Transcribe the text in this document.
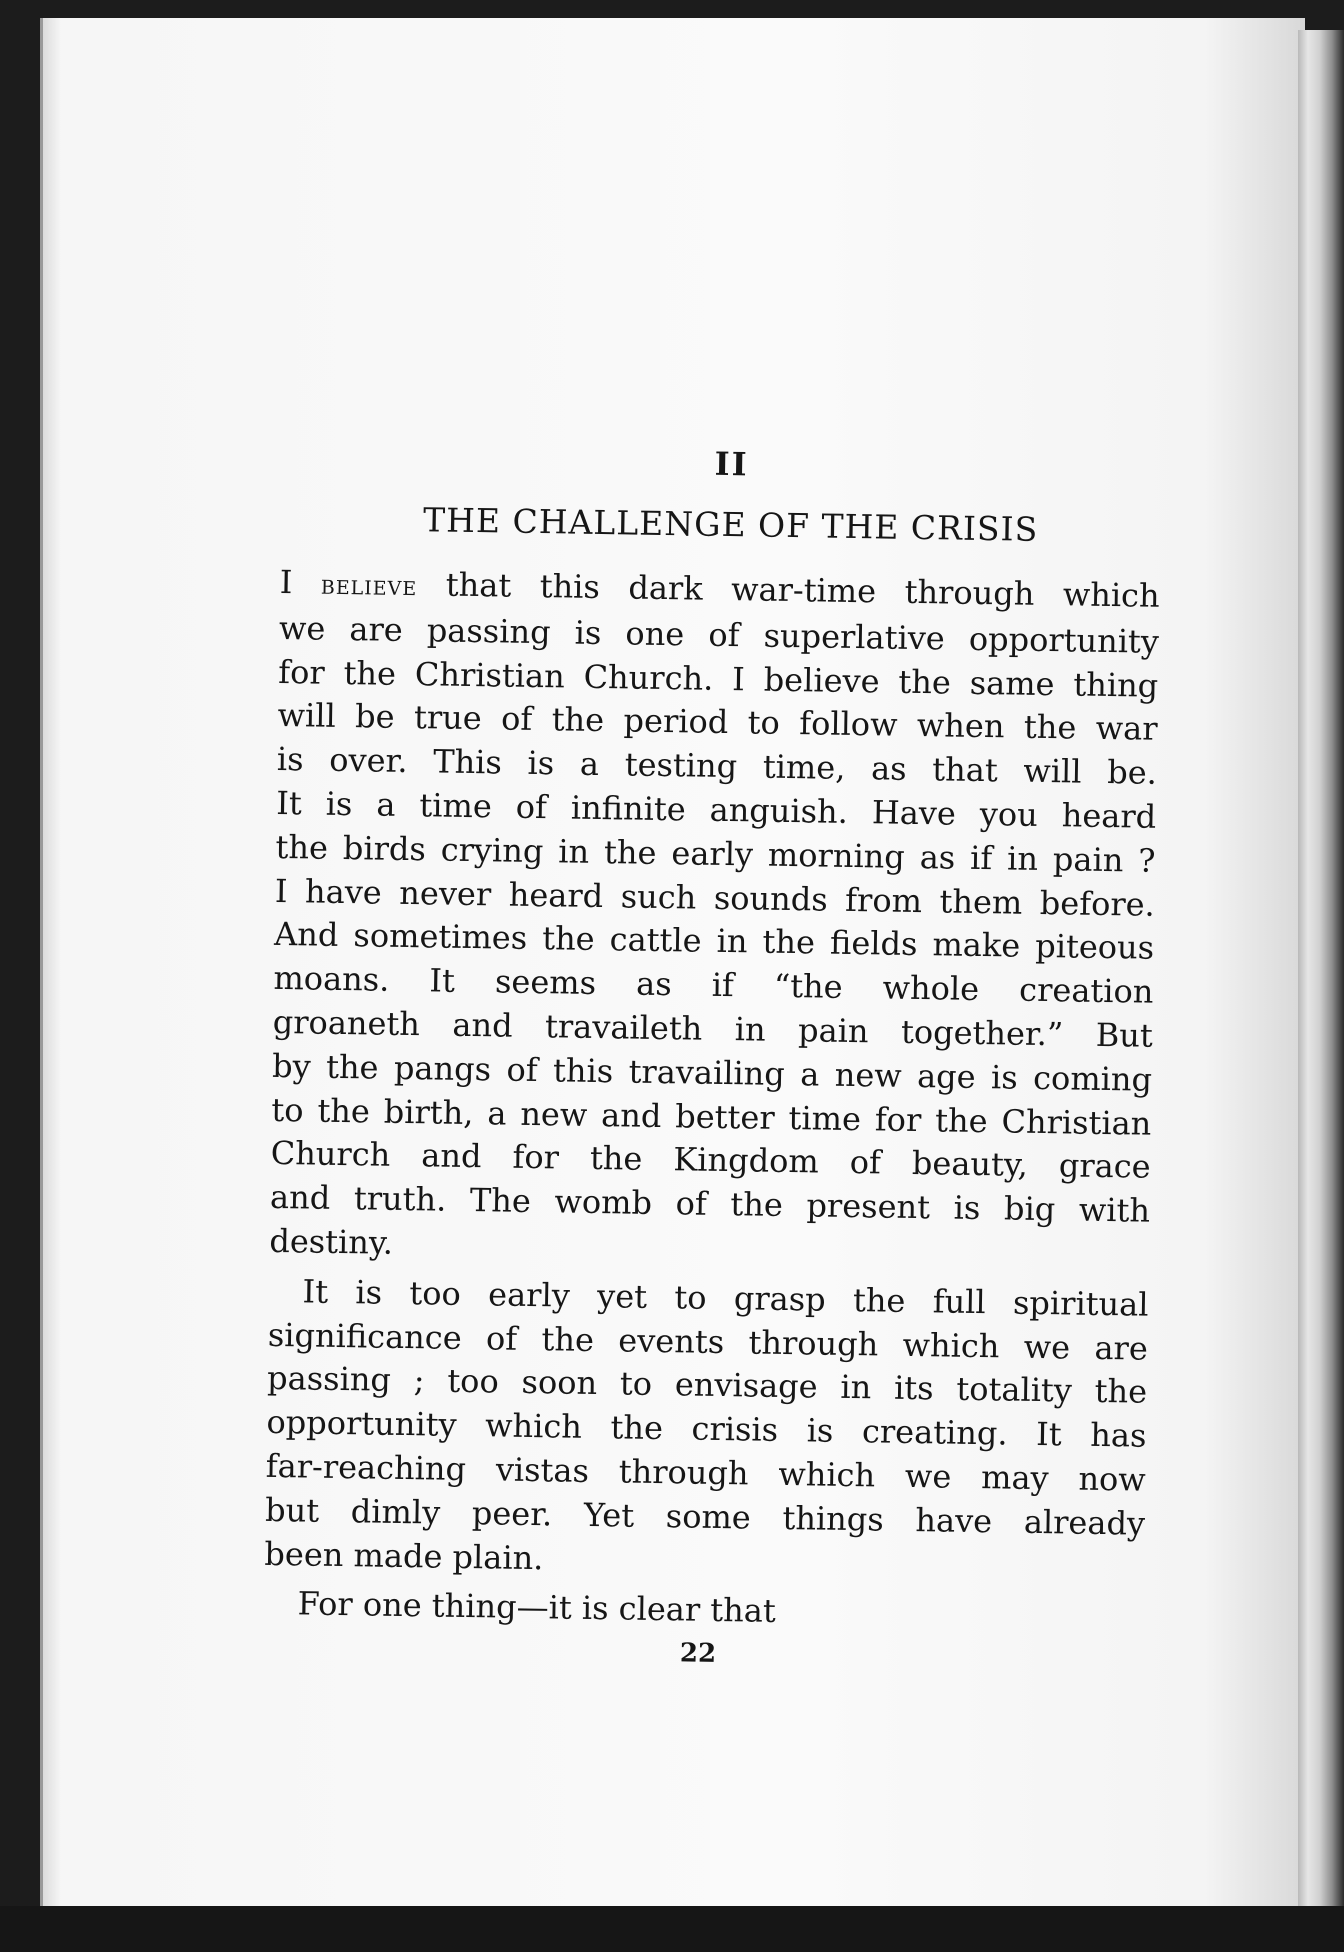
II
THE CHALLENGE OF THE CRISIS

I believe that this dark war-time through which
we are passing is one of superlative opportunity
for the Christian Church. I believe the same thing
will be true of the period to follow when the war
is over. This is a testing time, as that will be.
It is a time of infinite anguish. Have you heard
the birds crying in the early morning as if in pain ?
I have never heard such sounds from them before.
And sometimes the cattle in the fields make piteous
moans. It seems as if “the whole creation
groaneth and travaileth in pain together.” But
by the pangs of this travailing a new age is coming
to the birth, a new and better time for the Christian
Church and for the Kingdom of beauty, grace
and truth. The womb of the present is big with
destiny.

It is too early yet to grasp the full spiritual
significance of the events through which we are
passing ; too soon to envisage in its totality the
opportunity which the crisis is creating. It has
far-reaching vistas through which we may now
but dimly peer. Yet some things have already
been made plain.

For one thing—it is clear that

22
